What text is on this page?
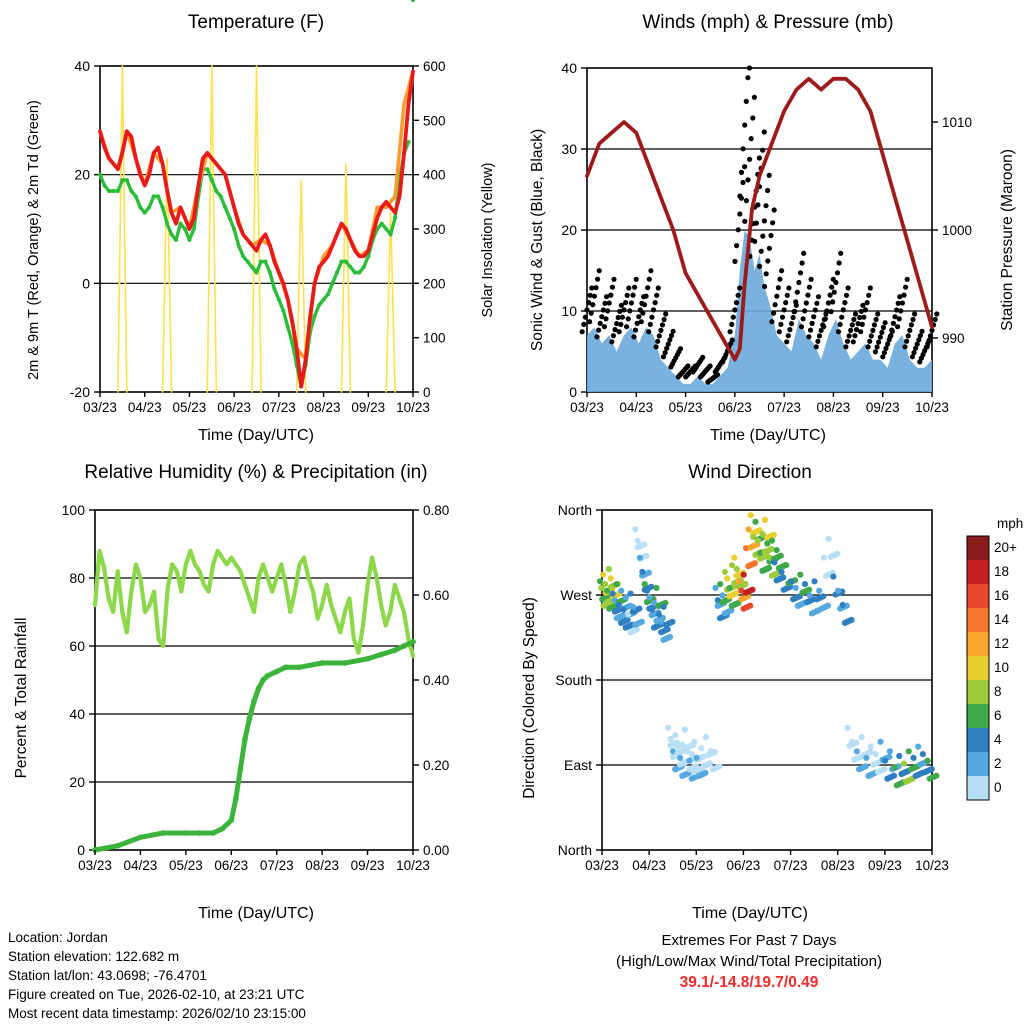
Temperature (F)
-20
0
20
40
0
100
200
300
400
500
600
03/23 04/23 05/23 06/23 07/23 08/23 09/23 10/23
2m & 9m T (Red, Orange) & 2m Td (Green)	Solar Insolation (Yellow)
Time (Day/UTC)
Winds (mph) & Pressure (mb)
0
10
20
30
40
990
1000
1010
03/23 04/23 05/23 06/23 07/23 08/23 09/23 10/23
Sonic Wind & Gust (Blue, Black)	Station Pressure (Maroon)
Time (Day/UTC)
Relative Humidity (%) & Precipitation (in)
0
20
40
60
80
100
0.00
0.20
0.40
0.60
0.80
03/23 04/23 05/23 06/23 07/23 08/23 09/23 10/23
Percent & Total Rainfall
Time (Day/UTC)
Wind Direction
North
West
South
East
North
03/23 04/23 05/23 06/23 07/23 08/23 09/23 10/23
Direction (Colored By Speed)
Time (Day/UTC)
mph
20+
18
16
14
12
10
8
6
4
2
0
Location: Jordan
Station elevation: 122.682 m
Station lat/lon: 43.0698; -76.4701
Figure created on Tue, 2026-02-10, at 23:21 UTC
Most recent data timestamp: 2026/02/10 23:15:00
Extremes For Past 7 Days
(High/Low/Max Wind/Total Precipitation)
39.1/-14.8/19.7/0.49
